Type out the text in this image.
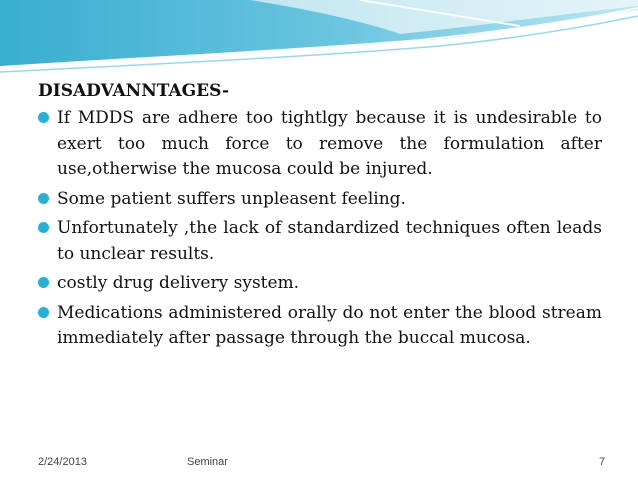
DISADVANNTAGES-
If MDDS are adhere too tightlgy because it is undesirable to exert too much force to remove the formulation after use,otherwise the mucosa could be injured.
Some patient suffers unpleasent feeling.
Unfortunately ,the lack of standardized techniques often leads to unclear results.
costly drug delivery system.
Medications administered orally do not enter the blood stream immediately after passage through the buccal mucosa.
2/24/2013	Seminar	7
